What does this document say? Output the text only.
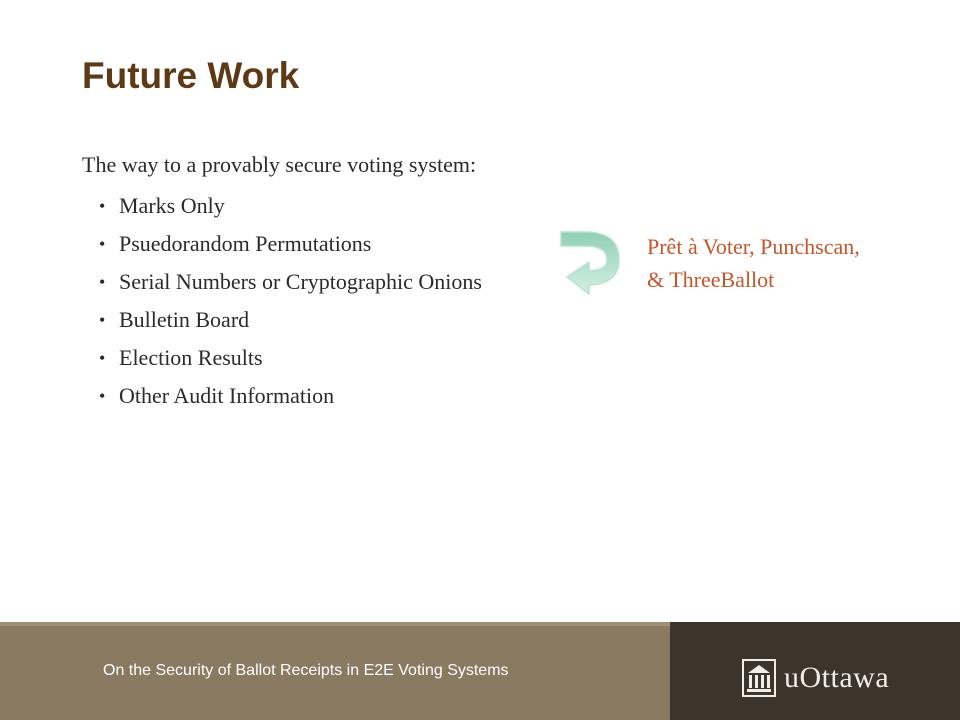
Future Work

The way to a provably secure voting system:

• Marks Only
• Psuedorandom Permutations
• Serial Numbers or Cryptographic Onions
• Bulletin Board
• Election Results
• Other Audit Information
Prêt à Voter, Punchscan,
& ThreeBallot
On the Security of Ballot Receipts in E2E Voting Systems	uOttawa
